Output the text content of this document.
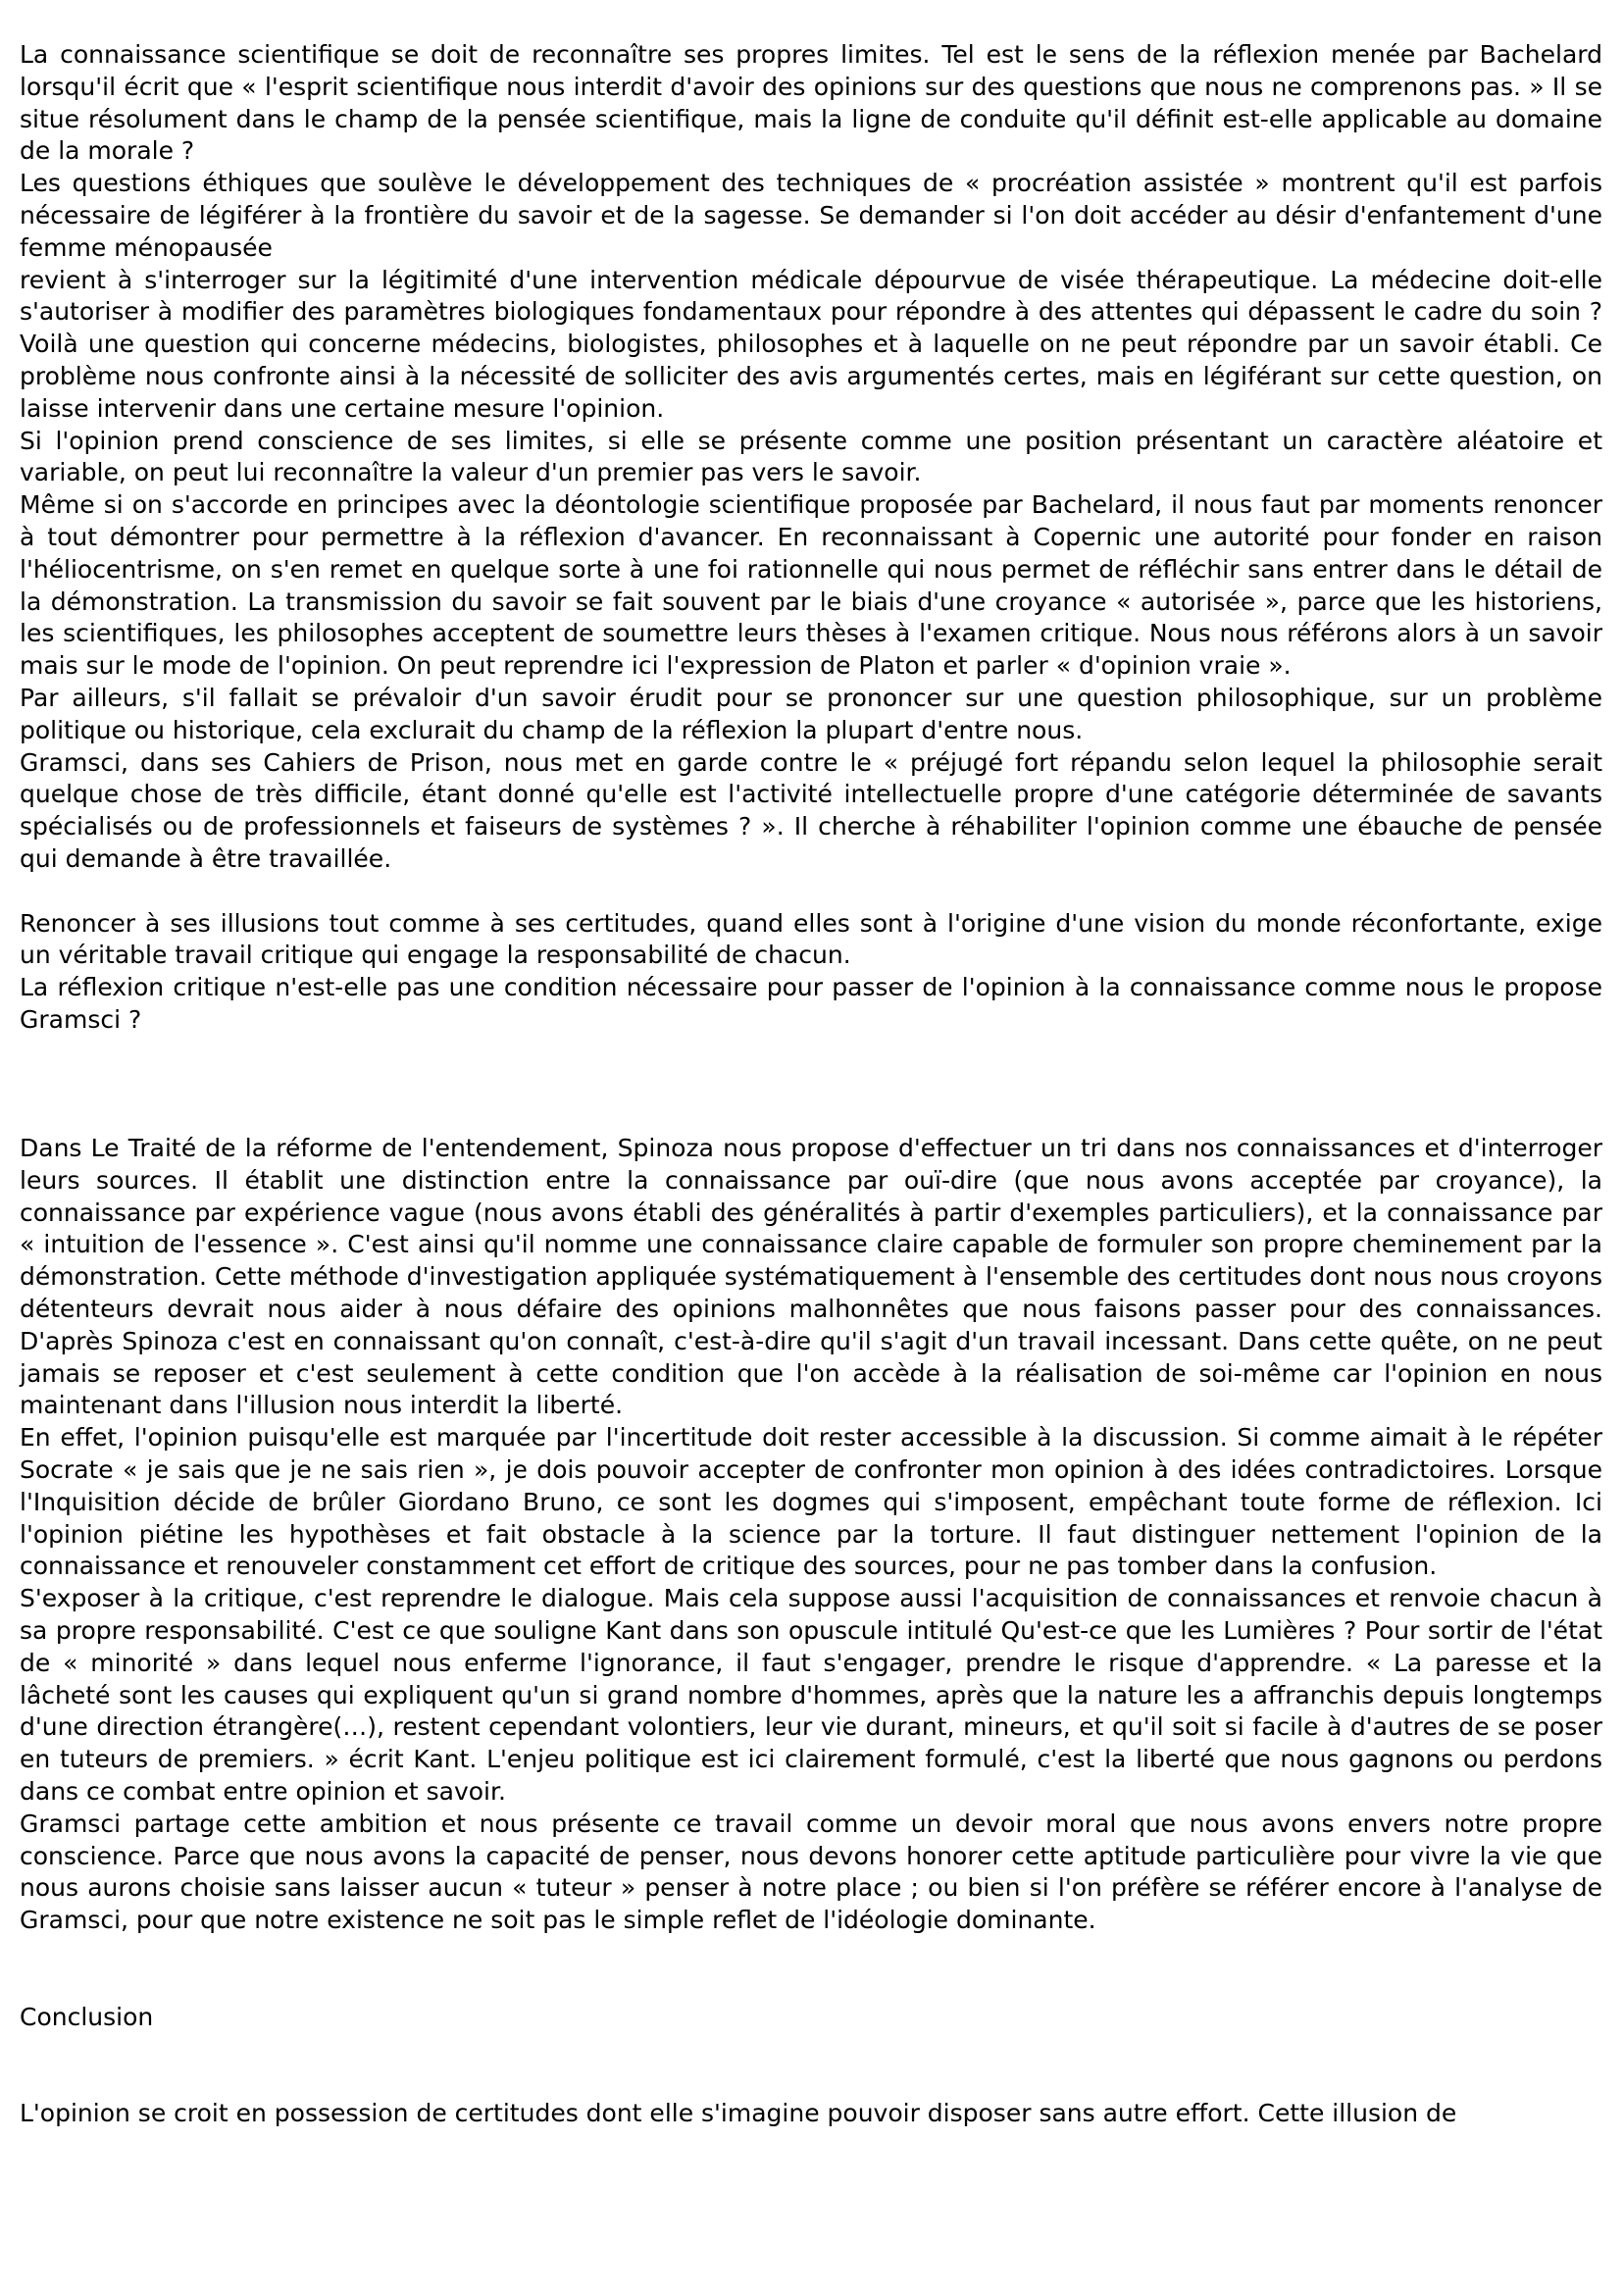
La connaissance scientifique se doit de reconnaître ses propres limites. Tel est le sens de la réflexion menée par Bachelard lorsqu'il écrit que « l'esprit scientifique nous interdit d'avoir des opinions sur des questions que nous ne comprenons pas. » Il se situe résolument dans le champ de la pensée scientifique, mais la ligne de conduite qu'il définit est-elle applicable au domaine de la morale ?

Les questions éthiques que soulève le développement des techniques de « procréation assistée » montrent qu'il est parfois nécessaire de légiférer à la frontière du savoir et de la sagesse. Se demander si l'on doit accéder au désir d'enfantement d'une femme ménopausée

revient à s'interroger sur la légitimité d'une intervention médicale dépourvue de visée thérapeutique. La médecine doit-elle s'autoriser à modifier des paramètres biologiques fondamentaux pour répondre à des attentes qui dépassent le cadre du soin ? Voilà une question qui concerne médecins, biologistes, philosophes et à laquelle on ne peut répondre par un savoir établi. Ce problème nous confronte ainsi à la nécessité de solliciter des avis argumentés certes, mais en légiférant sur cette question, on laisse intervenir dans une certaine mesure l'opinion.

Si l'opinion prend conscience de ses limites, si elle se présente comme une position présentant un caractère aléatoire et variable, on peut lui reconnaître la valeur d'un premier pas vers le savoir.

Même si on s'accorde en principes avec la déontologie scientifique proposée par Bachelard, il nous faut par moments renoncer à tout démontrer pour permettre à la réflexion d'avancer. En reconnaissant à Copernic une autorité pour fonder en raison l'héliocentrisme, on s'en remet en quelque sorte à une foi rationnelle qui nous permet de réfléchir sans entrer dans le détail de la démonstration. La transmission du savoir se fait souvent par le biais d'une croyance « autorisée », parce que les historiens, les scientifiques, les philosophes acceptent de soumettre leurs thèses à l'examen critique. Nous nous référons alors à un savoir mais sur le mode de l'opinion. On peut reprendre ici l'expression de Platon et parler « d'opinion vraie ».

Par ailleurs, s'il fallait se prévaloir d'un savoir érudit pour se prononcer sur une question philosophique, sur un problème politique ou historique, cela exclurait du champ de la réflexion la plupart d'entre nous.

Gramsci, dans ses Cahiers de Prison, nous met en garde contre le « préjugé fort répandu selon lequel la philosophie serait quelque chose de très difficile, étant donné qu'elle est l'activité intellectuelle propre d'une catégorie déterminée de savants spécialisés ou de professionnels et faiseurs de systèmes ? ». Il cherche à réhabiliter l'opinion comme une ébauche de pensée qui demande à être travaillée.

Renoncer à ses illusions tout comme à ses certitudes, quand elles sont à l'origine d'une vision du monde réconfortante, exige un véritable travail critique qui engage la responsabilité de chacun.

La réflexion critique n'est-elle pas une condition nécessaire pour passer de l'opinion à la connaissance comme nous le propose Gramsci ?

Dans Le Traité de la réforme de l'entendement, Spinoza nous propose d'effectuer un tri dans nos connaissances et d'interroger leurs sources. Il établit une distinction entre la connaissance par ouï-dire (que nous avons acceptée par croyance), la connaissance par expérience vague (nous avons établi des généralités à partir d'exemples particuliers), et la connaissance par « intuition de l'essence ». C'est ainsi qu'il nomme une connaissance claire capable de formuler son propre cheminement par la démonstration. Cette méthode d'investigation appliquée systématiquement à l'ensemble des certitudes dont nous nous croyons détenteurs devrait nous aider à nous défaire des opinions malhonnêtes que nous faisons passer pour des connaissances. D'après Spinoza c'est en connaissant qu'on connaît, c'est-à-dire qu'il s'agit d'un travail incessant. Dans cette quête, on ne peut jamais se reposer et c'est seulement à cette condition que l'on accède à la réalisation de soi-même car l'opinion en nous maintenant dans l'illusion nous interdit la liberté.

En effet, l'opinion puisqu'elle est marquée par l'incertitude doit rester accessible à la discussion. Si comme aimait à le répéter Socrate « je sais que je ne sais rien », je dois pouvoir accepter de confronter mon opinion à des idées contradictoires. Lorsque l'Inquisition décide de brûler Giordano Bruno, ce sont les dogmes qui s'imposent, empêchant toute forme de réflexion. Ici l'opinion piétine les hypothèses et fait obstacle à la science par la torture. Il faut distinguer nettement l'opinion de la connaissance et renouveler constamment cet effort de critique des sources, pour ne pas tomber dans la confusion.

S'exposer à la critique, c'est reprendre le dialogue. Mais cela suppose aussi l'acquisition de connaissances et renvoie chacun à sa propre responsabilité. C'est ce que souligne Kant dans son opuscule intitulé Qu'est-ce que les Lumières ? Pour sortir de l'état de « minorité » dans lequel nous enferme l'ignorance, il faut s'engager, prendre le risque d'apprendre. « La paresse et la lâcheté sont les causes qui expliquent qu'un si grand nombre d'hommes, après que la nature les a affranchis depuis longtemps d'une direction étrangère(…), restent cependant volontiers, leur vie durant, mineurs, et qu'il soit si facile à d'autres de se poser en tuteurs de premiers. » écrit Kant. L'enjeu politique est ici clairement formulé, c'est la liberté que nous gagnons ou perdons dans ce combat entre opinion et savoir.

Gramsci partage cette ambition et nous présente ce travail comme un devoir moral que nous avons envers notre propre conscience. Parce que nous avons la capacité de penser, nous devons honorer cette aptitude particulière pour vivre la vie que nous aurons choisie sans laisser aucun « tuteur » penser à notre place ; ou bien si l'on préfère se référer encore à l'analyse de Gramsci, pour que notre existence ne soit pas le simple reflet de l'idéologie dominante.

Conclusion

L'opinion se croit en possession de certitudes dont elle s'imagine pouvoir disposer sans autre effort. Cette illusion de
